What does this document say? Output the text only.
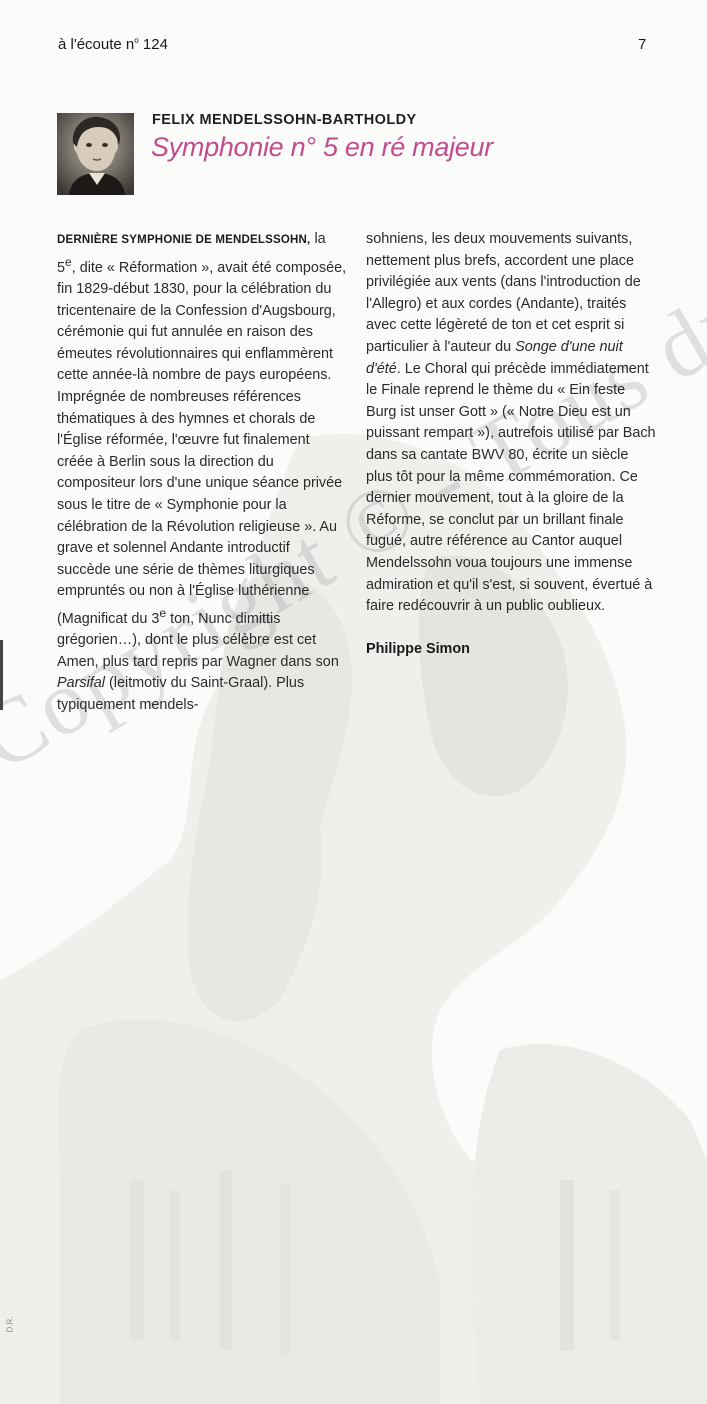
à l'écoute $n^o$ 124	7
FELIX MENDELSSOHN-BARTHOLDY
Symphonie n° 5 en ré majeur

DERNIÈRE SYMPHONIE DE MENDELSSOHN, la 5e, dite « Réformation », avait été composée, fin 1829-début 1830, pour la célébration du tricentenaire de la Confession d'Augsbourg, cérémonie qui fut annulée en raison des émeutes révolutionnaires qui enflammèrent cette année-là nombre de pays européens. Imprégnée de nombreuses références thématiques à des hymnes et chorals de l'Église réformée, l'œuvre fut finalement créée à Berlin sous la direction du compositeur lors d'une unique séance privée sous le titre de « Symphonie pour la célébration de la Révolution religieuse ». Au grave et solennel Andante introductif succède une série de thèmes liturgiques empruntés ou non à l'Église luthérienne (Magnificat du 3e ton, Nunc dimittis grégorien…), dont le plus célèbre est cet Amen, plus tard repris par Wagner dans son Parsifal (leitmotiv du Saint-Graal). Plus typiquement mendels-

sohniens, les deux mouvements suivants, nettement plus brefs, accordent une place privilégiée aux vents (dans l'introduction de l'Allegro) et aux cordes (Andante), traités avec cette légèreté de ton et cet esprit si particulier à l'auteur du Songe d'une nuit d'été. Le Choral qui précède immédiatement le Finale reprend le thème du « Ein feste Burg ist unser Gott » (« Notre Dieu est un puissant rempart »), autrefois utilisé par Bach dans sa cantate BWV 80, écrite un siècle plus tôt pour la même commémoration. Ce dernier mouvement, tout à la gloire de la Réforme, se conclut par un brillant finale fugué, autre référence au Cantor auquel Mendelssohn voua toujours une immense admiration et qu'il s'est, si souvent, évertué à faire redécouvrir à un public oublieux.

Philippe Simon

D.R.
